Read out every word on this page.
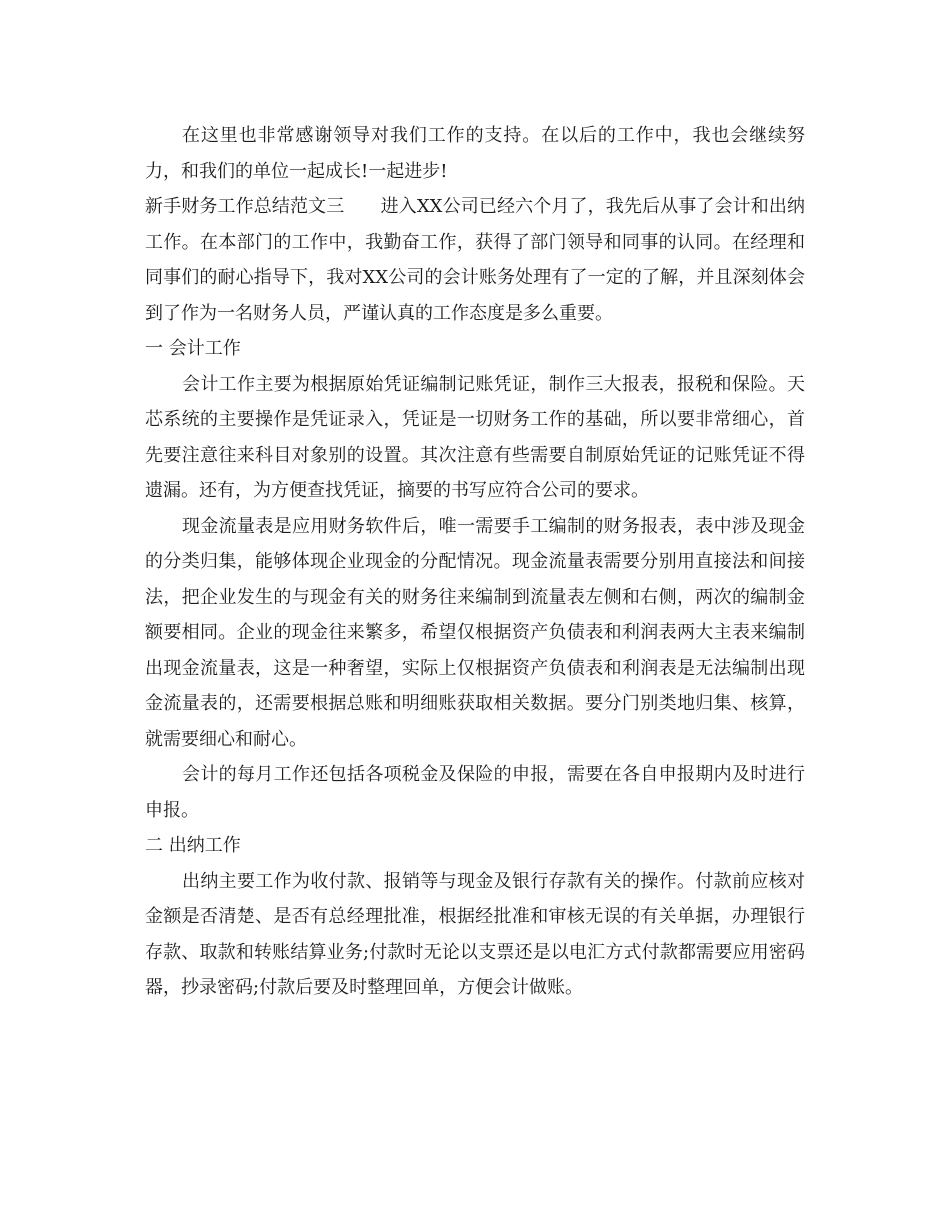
在这里也非常感谢领导对我们工作的支持。在以后的工作中，我也会继续努力，和我们的单位一起成长!一起进步!

新手财务工作总结范文三　　进入XX公司已经六个月了，我先后从事了会计和出纳工作。在本部门的工作中，我勤奋工作，获得了部门领导和同事的认同。在经理和同事们的耐心指导下，我对XX公司的会计账务处理有了一定的了解，并且深刻体会到了作为一名财务人员，严谨认真的工作态度是多么重要。

一 会计工作

会计工作主要为根据原始凭证编制记账凭证，制作三大报表，报税和保险。天芯系统的主要操作是凭证录入，凭证是一切财务工作的基础，所以要非常细心，首先要注意往来科目对象别的设置。其次注意有些需要自制原始凭证的记账凭证不得遗漏。还有，为方便查找凭证，摘要的书写应符合公司的要求。

现金流量表是应用财务软件后，唯一需要手工编制的财务报表，表中涉及现金的分类归集，能够体现企业现金的分配情况。现金流量表需要分别用直接法和间接法，把企业发生的与现金有关的财务往来编制到流量表左侧和右侧，两次的编制金额要相同。企业的现金往来繁多，希望仅根据资产负债表和利润表两大主表来编制出现金流量表，这是一种奢望，实际上仅根据资产负债表和利润表是无法编制出现金流量表的，还需要根据总账和明细账获取相关数据。要分门别类地归集、核算，就需要细心和耐心。

会计的每月工作还包括各项税金及保险的申报，需要在各自申报期内及时进行申报。

二 出纳工作

出纳主要工作为收付款、报销等与现金及银行存款有关的操作。付款前应核对金额是否清楚、是否有总经理批准，根据经批准和审核无误的有关单据，办理银行存款、取款和转账结算业务;付款时无论以支票还是以电汇方式付款都需要应用密码器，抄录密码;付款后要及时整理回单，方便会计做账。
